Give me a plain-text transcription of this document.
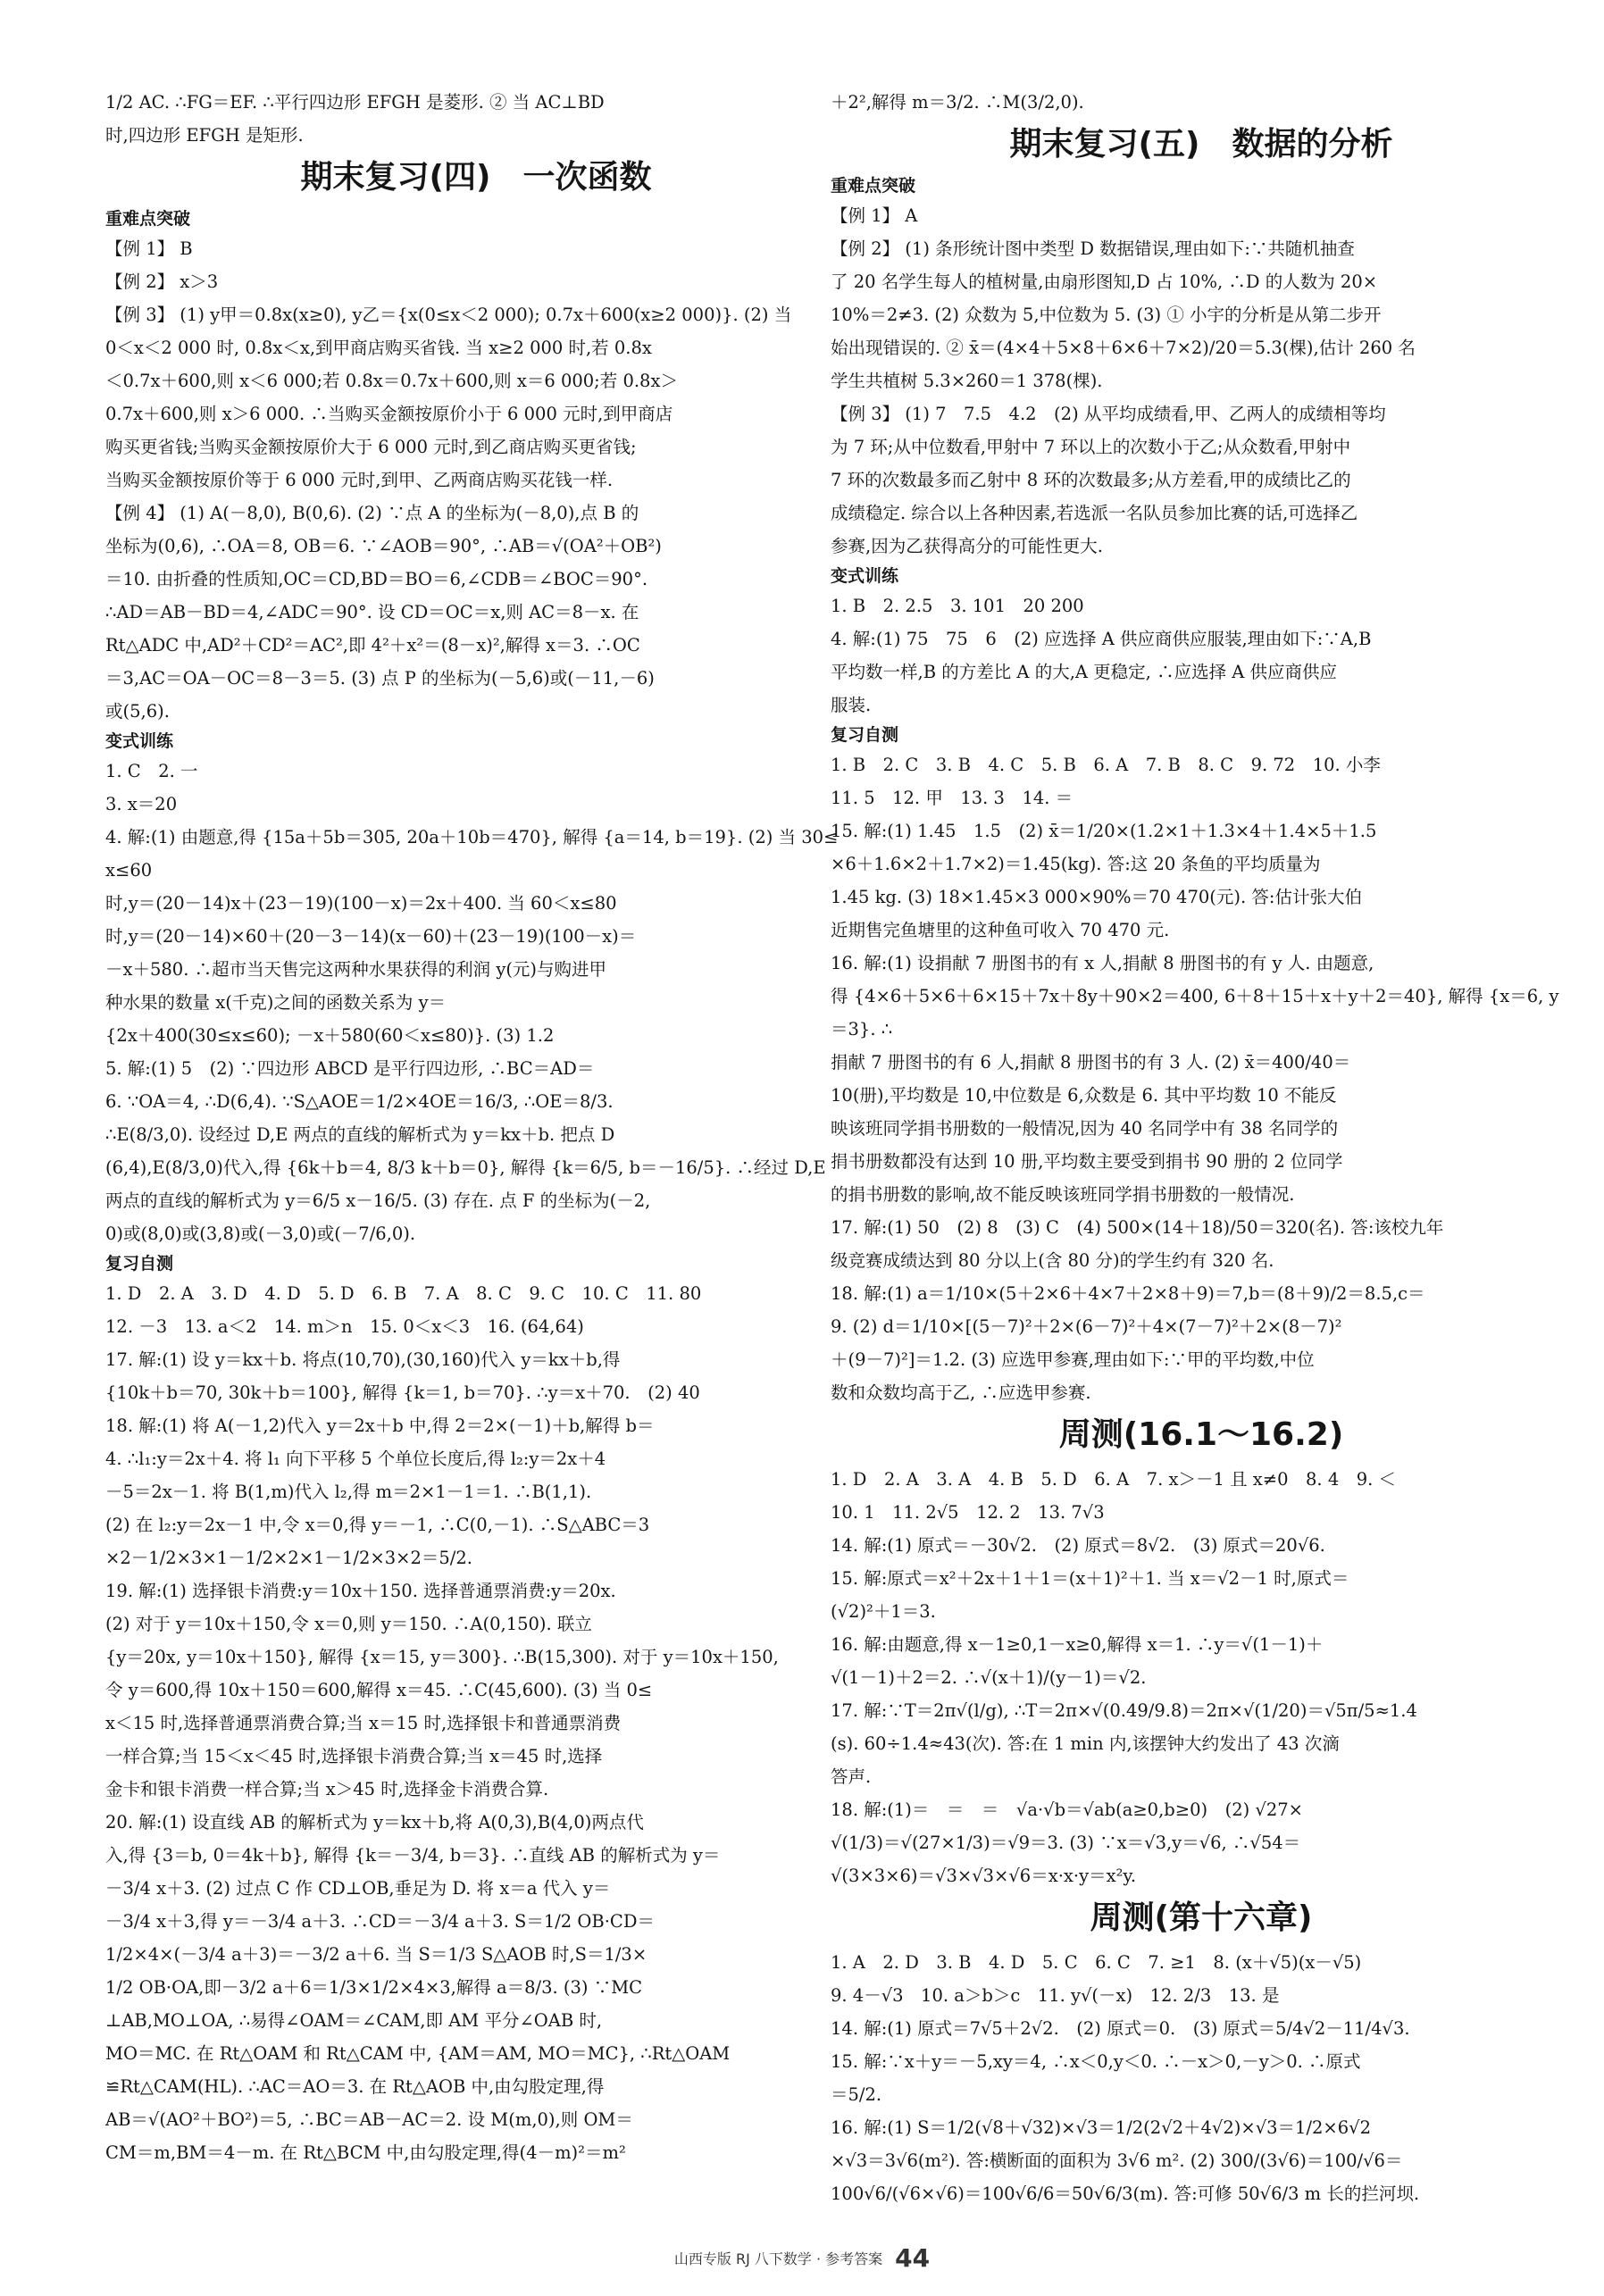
1/2 AC. ∴FG＝EF. ∴平行四边形 EFGH 是菱形. ② 当 AC⊥BD

时,四边形 EFGH 是矩形.

期末复习(四)　一次函数
重难点突破

【例 1】 B

【例 2】 x＞3

【例 3】 (1) y甲＝0.8x(x≥0), y乙＝{x(0≤x＜2 000); 0.7x＋600(x≥2 000)}. (2) 当

0＜x＜2 000 时, 0.8x＜x,到甲商店购买省钱. 当 x≥2 000 时,若 0.8x

＜0.7x＋600,则 x＜6 000;若 0.8x＝0.7x＋600,则 x＝6 000;若 0.8x＞

0.7x＋600,则 x＞6 000. ∴当购买金额按原价小于 6 000 元时,到甲商店

购买更省钱;当购买金额按原价大于 6 000 元时,到乙商店购买更省钱;

当购买金额按原价等于 6 000 元时,到甲、乙两商店购买花钱一样.

【例 4】 (1) A(－8,0), B(0,6). (2) ∵点 A 的坐标为(－8,0),点 B 的

坐标为(0,6), ∴OA＝8, OB＝6. ∵∠AOB＝90°, ∴AB＝√(OA²＋OB²)

＝10. 由折叠的性质知,OC＝CD,BD＝BO＝6,∠CDB＝∠BOC＝90°.

∴AD＝AB－BD＝4,∠ADC＝90°. 设 CD＝OC＝x,则 AC＝8－x. 在

Rt△ADC 中,AD²＋CD²＝AC²,即 4²＋x²＝(8－x)²,解得 x＝3. ∴OC

＝3,AC＝OA－OC＝8－3＝5. (3) 点 P 的坐标为(－5,6)或(－11,－6)

或(5,6).

变式训练

1. C　2. 一

3. x＝20

4. 解:(1) 由题意,得 {15a＋5b＝305, 20a＋10b＝470}, 解得 {a＝14, b＝19}. (2) 当 30≤x≤60

时,y＝(20－14)x＋(23－19)(100－x)＝2x＋400. 当 60＜x≤80

时,y＝(20－14)×60＋(20－3－14)(x－60)＋(23－19)(100－x)＝

－x＋580. ∴超市当天售完这两种水果获得的利润 y(元)与购进甲

种水果的数量 x(千克)之间的函数关系为 y＝

{2x＋400(30≤x≤60); －x＋580(60＜x≤80)}. (3) 1.2

5. 解:(1) 5　(2) ∵四边形 ABCD 是平行四边形, ∴BC＝AD＝

6. ∵OA＝4, ∴D(6,4). ∵S△AOE＝1/2×4OE＝16/3, ∴OE＝8/3.

∴E(8/3,0). 设经过 D,E 两点的直线的解析式为 y＝kx＋b. 把点 D

(6,4),E(8/3,0)代入,得 {6k＋b＝4, 8/3 k＋b＝0}, 解得 {k＝6/5, b＝－16/5}. ∴经过 D,E

两点的直线的解析式为 y＝6/5 x－16/5. (3) 存在. 点 F 的坐标为(－2,

0)或(8,0)或(3,8)或(－3,0)或(－7/6,0).

复习自测

1. D　2. A　3. D　4. D　5. D　6. B　7. A　8. C　9. C　10. C　11. 80

12. －3　13. a＜2　14. m＞n　15. 0＜x＜3　16. (64,64)

17. 解:(1) 设 y＝kx＋b. 将点(10,70),(30,160)代入 y＝kx＋b,得

{10k＋b＝70, 30k＋b＝100}, 解得 {k＝1, b＝70}. ∴y＝x＋70.　(2) 40

18. 解:(1) 将 A(－1,2)代入 y＝2x＋b 中,得 2＝2×(－1)＋b,解得 b＝

4. ∴l₁:y＝2x＋4. 将 l₁ 向下平移 5 个单位长度后,得 l₂:y＝2x＋4

－5＝2x－1. 将 B(1,m)代入 l₂,得 m＝2×1－1＝1. ∴B(1,1).

(2) 在 l₂:y＝2x－1 中,令 x＝0,得 y＝－1, ∴C(0,－1). ∴S△ABC＝3

×2－1/2×3×1－1/2×2×1－1/2×3×2＝5/2.

19. 解:(1) 选择银卡消费:y＝10x＋150. 选择普通票消费:y＝20x.

(2) 对于 y＝10x＋150,令 x＝0,则 y＝150. ∴A(0,150). 联立

{y＝20x, y＝10x＋150}, 解得 {x＝15, y＝300}. ∴B(15,300). 对于 y＝10x＋150,

令 y＝600,得 10x＋150＝600,解得 x＝45. ∴C(45,600). (3) 当 0≤

x＜15 时,选择普通票消费合算;当 x＝15 时,选择银卡和普通票消费

一样合算;当 15＜x＜45 时,选择银卡消费合算;当 x＝45 时,选择

金卡和银卡消费一样合算;当 x＞45 时,选择金卡消费合算.

20. 解:(1) 设直线 AB 的解析式为 y＝kx＋b,将 A(0,3),B(4,0)两点代

入,得 {3＝b, 0＝4k＋b}, 解得 {k＝－3/4, b＝3}. ∴直线 AB 的解析式为 y＝

－3/4 x＋3. (2) 过点 C 作 CD⊥OB,垂足为 D. 将 x＝a 代入 y＝

－3/4 x＋3,得 y＝－3/4 a＋3. ∴CD＝－3/4 a＋3. S＝1/2 OB·CD＝

1/2×4×(－3/4 a＋3)＝－3/2 a＋6. 当 S＝1/3 S△AOB 时,S＝1/3×

1/2 OB·OA,即－3/2 a＋6＝1/3×1/2×4×3,解得 a＝8/3. (3) ∵MC

⊥AB,MO⊥OA, ∴易得∠OAM＝∠CAM,即 AM 平分∠OAB 时,

MO＝MC. 在 Rt△OAM 和 Rt△CAM 中, {AM＝AM, MO＝MC}, ∴Rt△OAM

≌Rt△CAM(HL). ∴AC＝AO＝3. 在 Rt△AOB 中,由勾股定理,得

AB＝√(AO²＋BO²)＝5, ∴BC＝AB－AC＝2. 设 M(m,0),则 OM＝

CM＝m,BM＝4－m. 在 Rt△BCM 中,由勾股定理,得(4－m)²＝m²

＋2²,解得 m＝3/2. ∴M(3/2,0).

期末复习(五)　数据的分析
重难点突破

【例 1】 A

【例 2】 (1) 条形统计图中类型 D 数据错误,理由如下:∵共随机抽查

了 20 名学生每人的植树量,由扇形图知,D 占 10%, ∴D 的人数为 20×

10%＝2≠3. (2) 众数为 5,中位数为 5. (3) ① 小宇的分析是从第二步开

始出现错误的. ② x̄＝(4×4＋5×8＋6×6＋7×2)/20＝5.3(棵),估计 260 名

学生共植树 5.3×260＝1 378(棵).

【例 3】 (1) 7　7.5　4.2　(2) 从平均成绩看,甲、乙两人的成绩相等均

为 7 环;从中位数看,甲射中 7 环以上的次数小于乙;从众数看,甲射中

7 环的次数最多而乙射中 8 环的次数最多;从方差看,甲的成绩比乙的

成绩稳定. 综合以上各种因素,若选派一名队员参加比赛的话,可选择乙

参赛,因为乙获得高分的可能性更大.

变式训练

1. B　2. 2.5　3. 101　20 200

4. 解:(1) 75　75　6　(2) 应选择 A 供应商供应服装,理由如下:∵A,B

平均数一样,B 的方差比 A 的大,A 更稳定, ∴应选择 A 供应商供应

服装.

复习自测

1. B　2. C　3. B　4. C　5. B　6. A　7. B　8. C　9. 72　10. 小李

11. 5　12. 甲　13. 3　14. ＝

15. 解:(1) 1.45　1.5　(2) x̄＝1/20×(1.2×1＋1.3×4＋1.4×5＋1.5

×6＋1.6×2＋1.7×2)＝1.45(kg). 答:这 20 条鱼的平均质量为

1.45 kg. (3) 18×1.45×3 000×90%＝70 470(元). 答:估计张大伯

近期售完鱼塘里的这种鱼可收入 70 470 元.

16. 解:(1) 设捐献 7 册图书的有 x 人,捐献 8 册图书的有 y 人. 由题意,

得 {4×6＋5×6＋6×15＋7x＋8y＋90×2＝400, 6＋8＋15＋x＋y＋2＝40}, 解得 {x＝6, y＝3}. ∴

捐献 7 册图书的有 6 人,捐献 8 册图书的有 3 人. (2) x̄＝400/40＝

10(册),平均数是 10,中位数是 6,众数是 6. 其中平均数 10 不能反

映该班同学捐书册数的一般情况,因为 40 名同学中有 38 名同学的

捐书册数都没有达到 10 册,平均数主要受到捐书 90 册的 2 位同学

的捐书册数的影响,故不能反映该班同学捐书册数的一般情况.

17. 解:(1) 50　(2) 8　(3) C　(4) 500×(14＋18)/50＝320(名). 答:该校九年

级竞赛成绩达到 80 分以上(含 80 分)的学生约有 320 名.

18. 解:(1) a＝1/10×(5＋2×6＋4×7＋2×8＋9)＝7,b＝(8＋9)/2＝8.5,c＝

9. (2) d＝1/10×[(5－7)²＋2×(6－7)²＋4×(7－7)²＋2×(8－7)²

＋(9－7)²]＝1.2. (3) 应选甲参赛,理由如下:∵甲的平均数,中位

数和众数均高于乙, ∴应选甲参赛.

周测(16.1～16.2)

1. D　2. A　3. A　4. B　5. D　6. A　7. x＞－1 且 x≠0　8. 4　9. ＜

10. 1　11. 2√5　12. 2　13. 7√3

14. 解:(1) 原式＝－30√2.　(2) 原式＝8√2.　(3) 原式＝20√6.

15. 解:原式＝x²＋2x＋1＋1＝(x＋1)²＋1. 当 x＝√2－1 时,原式＝

(√2)²＋1＝3.

16. 解:由题意,得 x－1≥0,1－x≥0,解得 x＝1. ∴y＝√(1－1)＋

√(1－1)＋2＝2. ∴√(x＋1)/(y－1)＝√2.

17. 解:∵T＝2π√(l/g), ∴T＝2π×√(0.49/9.8)＝2π×√(1/20)＝√5π/5≈1.4

(s). 60÷1.4≈43(次). 答:在 1 min 内,该摆钟大约发出了 43 次滴

答声.

18. 解:(1)＝　＝　＝　√a·√b＝√ab(a≥0,b≥0)　(2) √27×

√(1/3)＝√(27×1/3)＝√9＝3. (3) ∵x＝√3,y＝√6, ∴√54＝

√(3×3×6)＝√3×√3×√6＝x·x·y＝x²y.

周测(第十六章)

1. A　2. D　3. B　4. D　5. C　6. C　7. ≥1　8. (x＋√5)(x－√5)

9. 4－√3　10. a＞b＞c　11. y√(－x)　12. 2/3　13. 是

14. 解:(1) 原式＝7√5＋2√2.　(2) 原式＝0.　(3) 原式＝5/4√2－11/4√3.

15. 解:∵x＋y＝－5,xy＝4, ∴x＜0,y＜0. ∴－x＞0,－y＞0. ∴原式

＝5/2.

16. 解:(1) S＝1/2(√8＋√32)×√3＝1/2(2√2＋4√2)×√3＝1/2×6√2

×√3＝3√6(m²). 答:横断面的面积为 3√6 m². (2) 300/(3√6)＝100/√6＝

100√6/(√6×√6)＝100√6/6＝50√6/3(m). 答:可修 50√6/3 m 长的拦河坝.

山西专版 RJ 八下数学 · 参考答案 44
